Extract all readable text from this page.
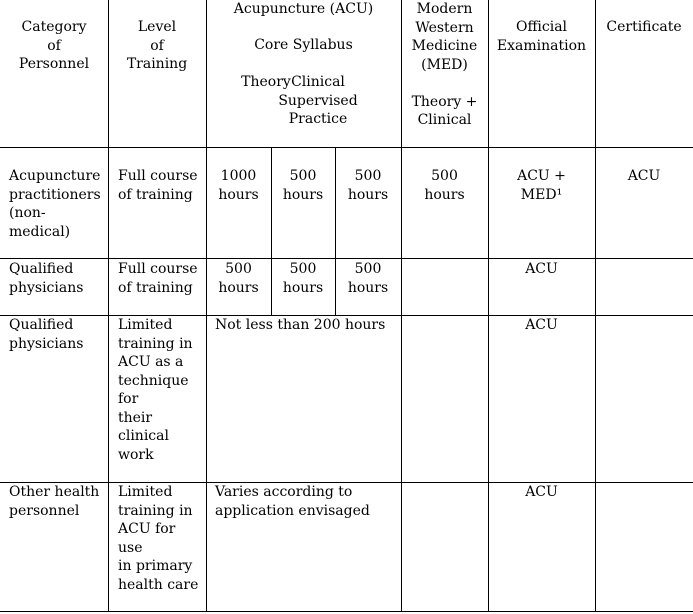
Category
of
Personnel
Level
of
Training
Acupuncture (ACU)
Core Syllabus
Theory Clinical
Supervised
Practice
Modern
Western
Medicine
(MED)

Theory +
Clinical
Official
Examination
Certificate
Acupuncture
practitioners
(non-
medical)
Full course
of training
1000
hours
500
hours
500
hours
500
hours
ACU +
MED¹
ACU
Qualified
physicians
Full course
of training
500
hours
500
hours
500
hours
ACU
Qualified
physicians
Limited
training in
ACU as a
technique
for
their
clinical
work
Not less than 200 hours	ACU
Other health
personnel
Limited
training in
ACU for
use
in primary
health care
Varies according to
application envisaged
ACU
